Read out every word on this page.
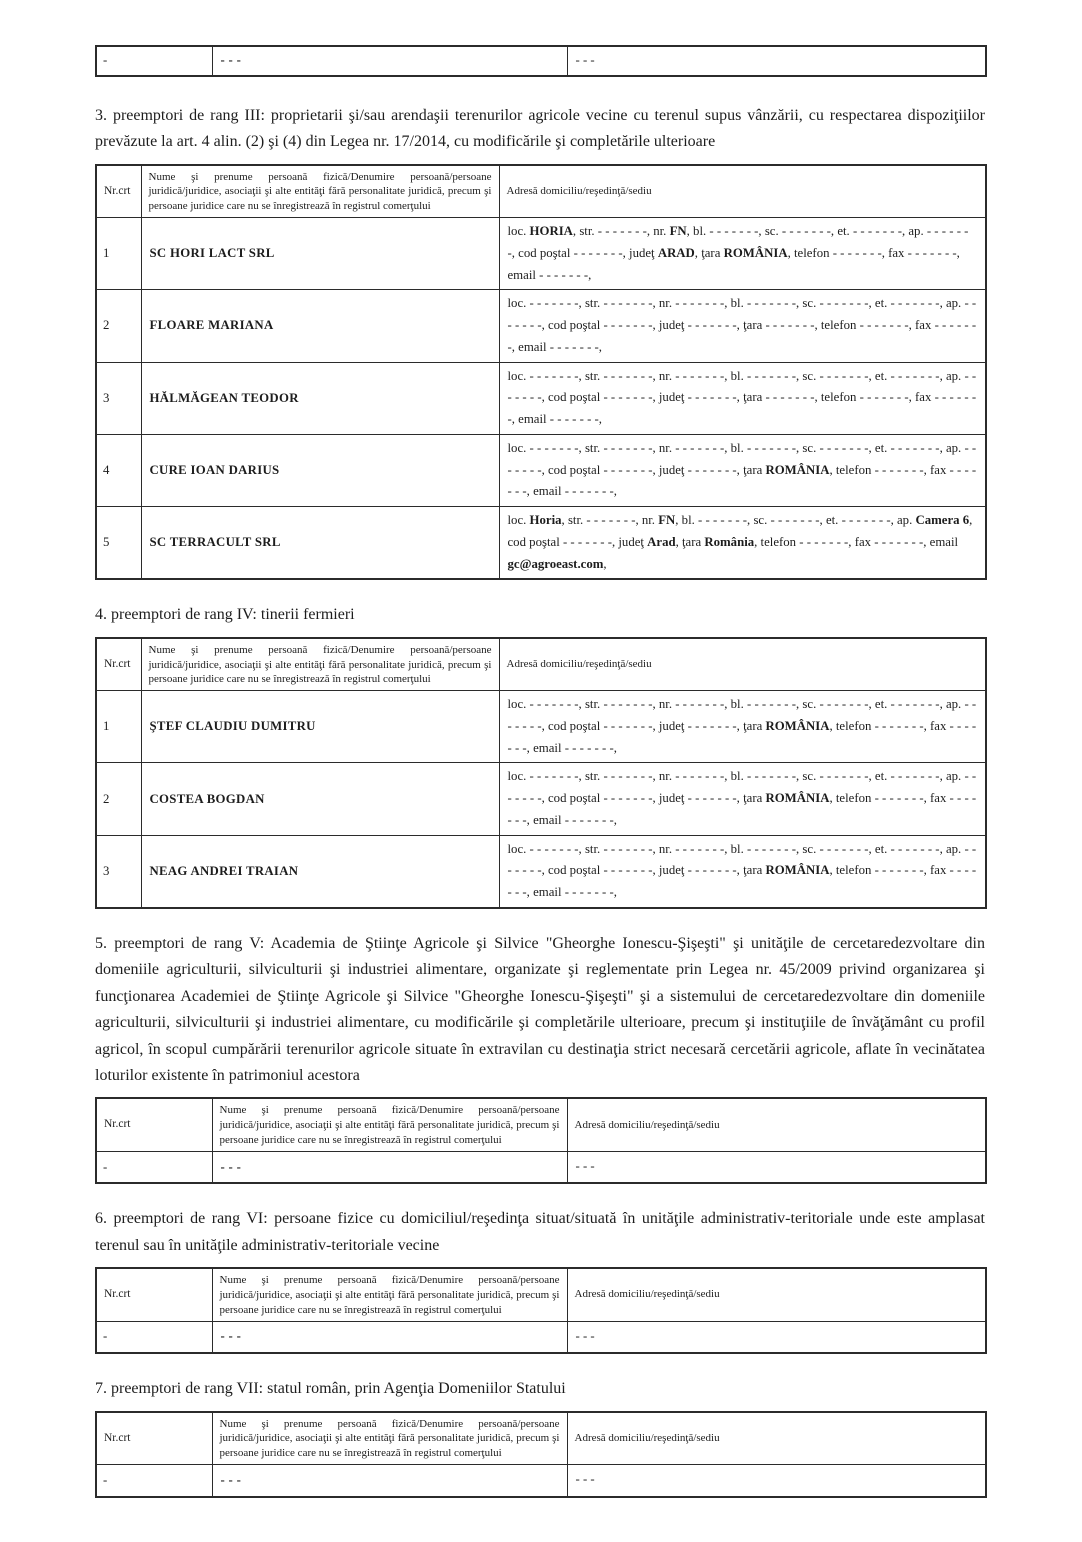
-	- - -	- - -

3. preemptori de rang III: proprietarii şi/sau arendaşii terenurilor agricole vecine cu terenul supus vânzării, cu respectarea dispoziţiilor prevăzute la art. 4 alin. (2) şi (4) din Legea nr. 17/2014, cu modificările şi completările ulterioare

Nr.crt	Nume şi prenume persoană fizică/Denumire persoană/persoane juridică/juridice, asociaţii şi alte entităţi fără personalitate juridică, precum şi persoane juridice care nu se înregistrează în registrul comerţului	Adresă domiciliu/reşedinţă/sediu
1	SC HORI LACT SRL	loc. HORIA, str. - - - - - - -, nr. FN, bl. - - - - - - -, sc. - - - - - - -, et. - - - - - - -, ap. - - - - - - -, cod poştal - - - - - - -, judeţ ARAD, ţara ROMÂNIA, telefon - - - - - - -, fax - - - - - - -, email - - - - - - -,
2	FLOARE MARIANA	loc. - - - - - - -, str. - - - - - - -, nr. - - - - - - -, bl. - - - - - - -, sc. - - - - - - -, et. - - - - - - -, ap. - - - - - - -, cod poştal - - - - - - -, judeţ - - - - - - -, ţara - - - - - - -, telefon - - - - - - -, fax - - - - - - -, email - - - - - - -,
3	HĂLMĂGEAN TEODOR	loc. - - - - - - -, str. - - - - - - -, nr. - - - - - - -, bl. - - - - - - -, sc. - - - - - - -, et. - - - - - - -, ap. - - - - - - -, cod poştal - - - - - - -, judeţ - - - - - - -, ţara - - - - - - -, telefon - - - - - - -, fax - - - - - - -, email - - - - - - -,
4	CURE IOAN DARIUS	loc. - - - - - - -, str. - - - - - - -, nr. - - - - - - -, bl. - - - - - - -, sc. - - - - - - -, et. - - - - - - -, ap. - - - - - - -, cod poştal - - - - - - -, judeţ - - - - - - -, ţara ROMÂNIA, telefon - - - - - - -, fax - - - - - - -, email - - - - - - -,
5	SC TERRACULT SRL	loc. Horia, str. - - - - - - -, nr. FN, bl. - - - - - - -, sc. - - - - - - -, et. - - - - - - -, ap. Camera 6, cod poştal - - - - - - -, judeţ Arad, ţara România, telefon - - - - - - -, fax - - - - - - -, email gc@agroeast.com,

4. preemptori de rang IV: tinerii fermieri

Nr.crt	Nume şi prenume persoană fizică/Denumire persoană/persoane juridică/juridice, asociaţii şi alte entităţi fără personalitate juridică, precum şi persoane juridice care nu se înregistrează în registrul comerţului	Adresă domiciliu/reşedinţă/sediu
1	ŞTEF CLAUDIU DUMITRU	loc. - - - - - - -, str. - - - - - - -, nr. - - - - - - -, bl. - - - - - - -, sc. - - - - - - -, et. - - - - - - -, ap. - - - - - - -, cod poştal - - - - - - -, judeţ - - - - - - -, ţara ROMÂNIA, telefon - - - - - - -, fax - - - - - - -, email - - - - - - -,
2	COSTEA BOGDAN	loc. - - - - - - -, str. - - - - - - -, nr. - - - - - - -, bl. - - - - - - -, sc. - - - - - - -, et. - - - - - - -, ap. - - - - - - -, cod poştal - - - - - - -, judeţ - - - - - - -, ţara ROMÂNIA, telefon - - - - - - -, fax - - - - - - -, email - - - - - - -,
3	NEAG ANDREI TRAIAN	loc. - - - - - - -, str. - - - - - - -, nr. - - - - - - -, bl. - - - - - - -, sc. - - - - - - -, et. - - - - - - -, ap. - - - - - - -, cod poştal - - - - - - -, judeţ - - - - - - -, ţara ROMÂNIA, telefon - - - - - - -, fax - - - - - - -, email - - - - - - -,

5. preemptori de rang V: Academia de Ştiinţe Agricole şi Silvice "Gheorghe Ionescu-Şişeşti" şi unităţile de cercetaredezvoltare din domeniile agriculturii, silviculturii şi industriei alimentare, organizate şi reglementate prin Legea nr. 45/2009 privind organizarea şi funcţionarea Academiei de Ştiinţe Agricole şi Silvice "Gheorghe Ionescu-Şişeşti" şi a sistemului de cercetaredezvoltare din domeniile agriculturii, silviculturii şi industriei alimentare, cu modificările şi completările ulterioare, precum şi instituţiile de învăţământ cu profil agricol, în scopul cumpărării terenurilor agricole situate în extravilan cu destinaţia strict necesară cercetării agricole, aflate în vecinătatea loturilor existente în patrimoniul acestora

Nr.crt	Nume şi prenume persoană fizică/Denumire persoană/persoane juridică/juridice, asociaţii şi alte entităţi fără personalitate juridică, precum şi persoane juridice care nu se înregistrează în registrul comerţului	Adresă domiciliu/reşedinţă/sediu
-	- - -	- - -

6. preemptori de rang VI: persoane fizice cu domiciliul/reşedinţa situat/situată în unităţile administrativ-teritoriale unde este amplasat terenul sau în unităţile administrativ-teritoriale vecine

Nr.crt	Nume şi prenume persoană fizică/Denumire persoană/persoane juridică/juridice, asociaţii şi alte entităţi fără personalitate juridică, precum şi persoane juridice care nu se înregistrează în registrul comerţului	Adresă domiciliu/reşedinţă/sediu
-	- - -	- - -

7. preemptori de rang VII: statul român, prin Agenţia Domeniilor Statului

Nr.crt	Nume şi prenume persoană fizică/Denumire persoană/persoane juridică/juridice, asociaţii şi alte entităţi fără personalitate juridică, precum şi persoane juridice care nu se înregistrează în registrul comerţului	Adresă domiciliu/reşedinţă/sediu
-	- - -	- - -
